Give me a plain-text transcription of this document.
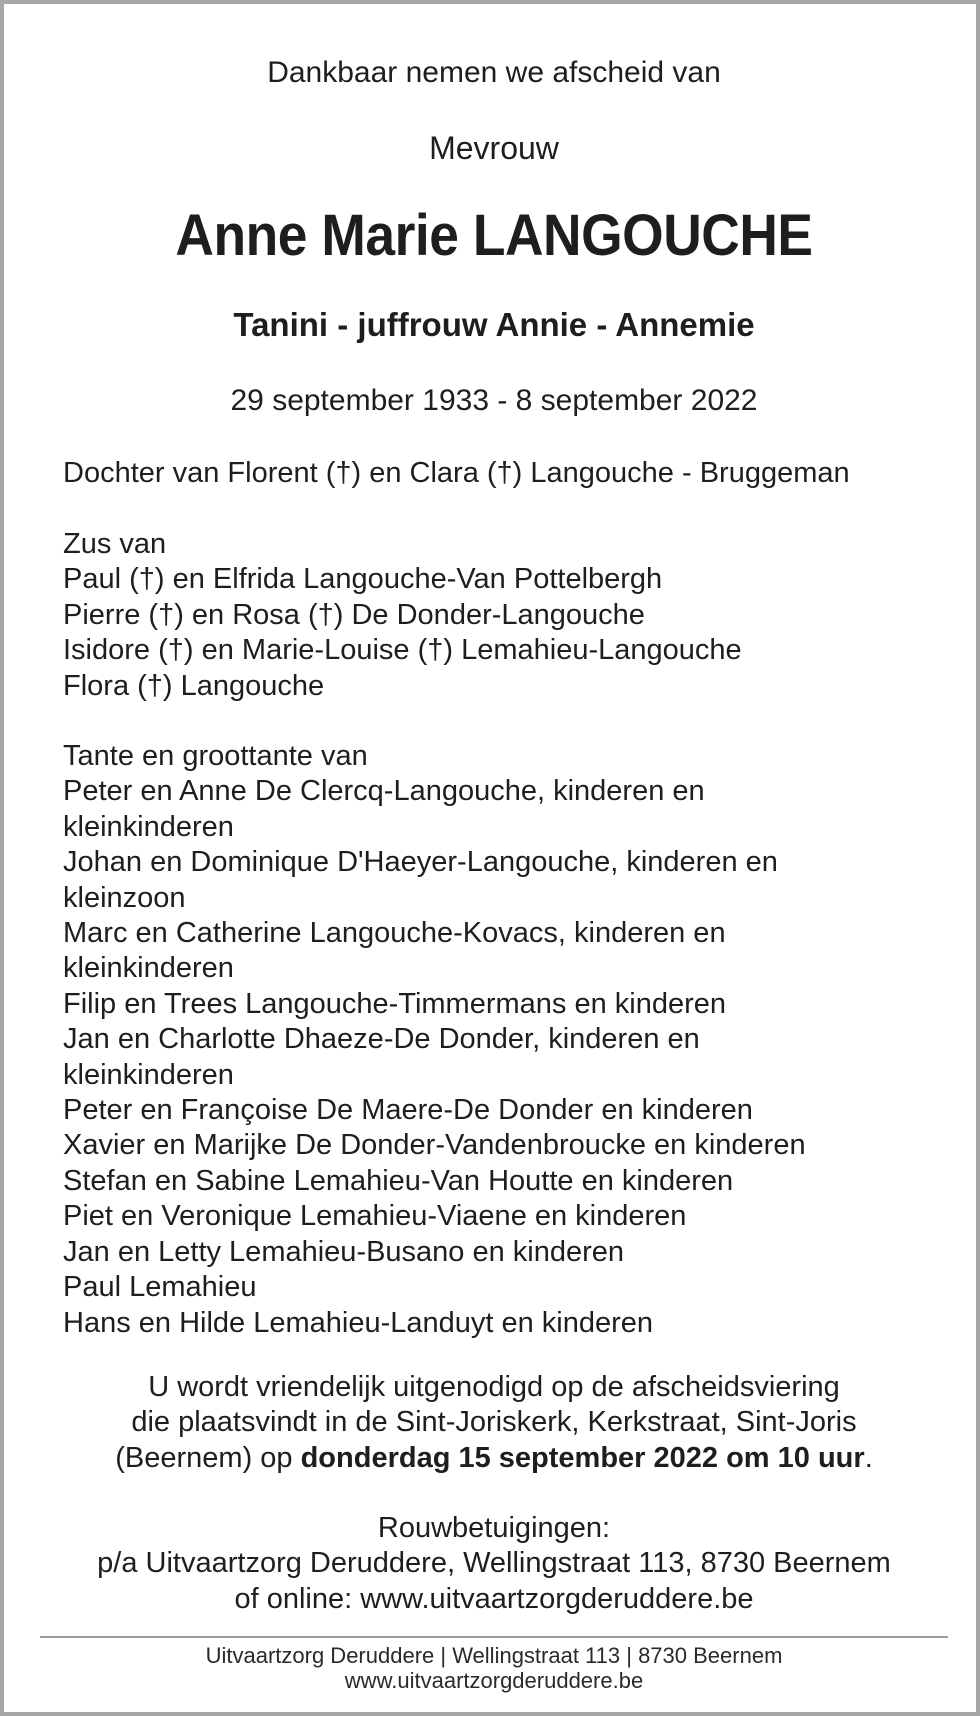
Dankbaar nemen we afscheid van
Mevrouw
Anne Marie LANGOUCHE
Tanini - juffrouw Annie - Annemie
29 september 1933 - 8 september 2022
Dochter van Florent (†) en Clara (†) Langouche - Bruggeman
Zus van
Paul (†) en Elfrida Langouche-Van Pottelbergh
Pierre (†) en Rosa (†) De Donder-Langouche
Isidore (†) en Marie-Louise (†) Lemahieu-Langouche
Flora (†) Langouche
Tante en groottante van
Peter en Anne De Clercq-Langouche, kinderen en
kleinkinderen
Johan en Dominique D'Haeyer-Langouche, kinderen en
kleinzoon
Marc en Catherine Langouche-Kovacs, kinderen en
kleinkinderen
Filip en Trees Langouche-Timmermans en kinderen
Jan en Charlotte Dhaeze-De Donder, kinderen en
kleinkinderen
Peter en Françoise De Maere-De Donder en kinderen
Xavier en Marijke De Donder-Vandenbroucke en kinderen
Stefan en Sabine Lemahieu-Van Houtte en kinderen
Piet en Veronique Lemahieu-Viaene en kinderen
Jan en Letty Lemahieu-Busano en kinderen
Paul Lemahieu
Hans en Hilde Lemahieu-Landuyt en kinderen
U wordt vriendelijk uitgenodigd op de afscheidsviering
die plaatsvindt in de Sint-Joriskerk, Kerkstraat, Sint-Joris
(Beernem) op donderdag 15 september 2022 om 10 uur.
Rouwbetuigingen:
p/a Uitvaartzorg Deruddere, Wellingstraat 113, 8730 Beernem
of online: www.uitvaartzorgderuddere.be
Uitvaartzorg Deruddere | Wellingstraat 113 | 8730 Beernem
www.uitvaartzorgderuddere.be
